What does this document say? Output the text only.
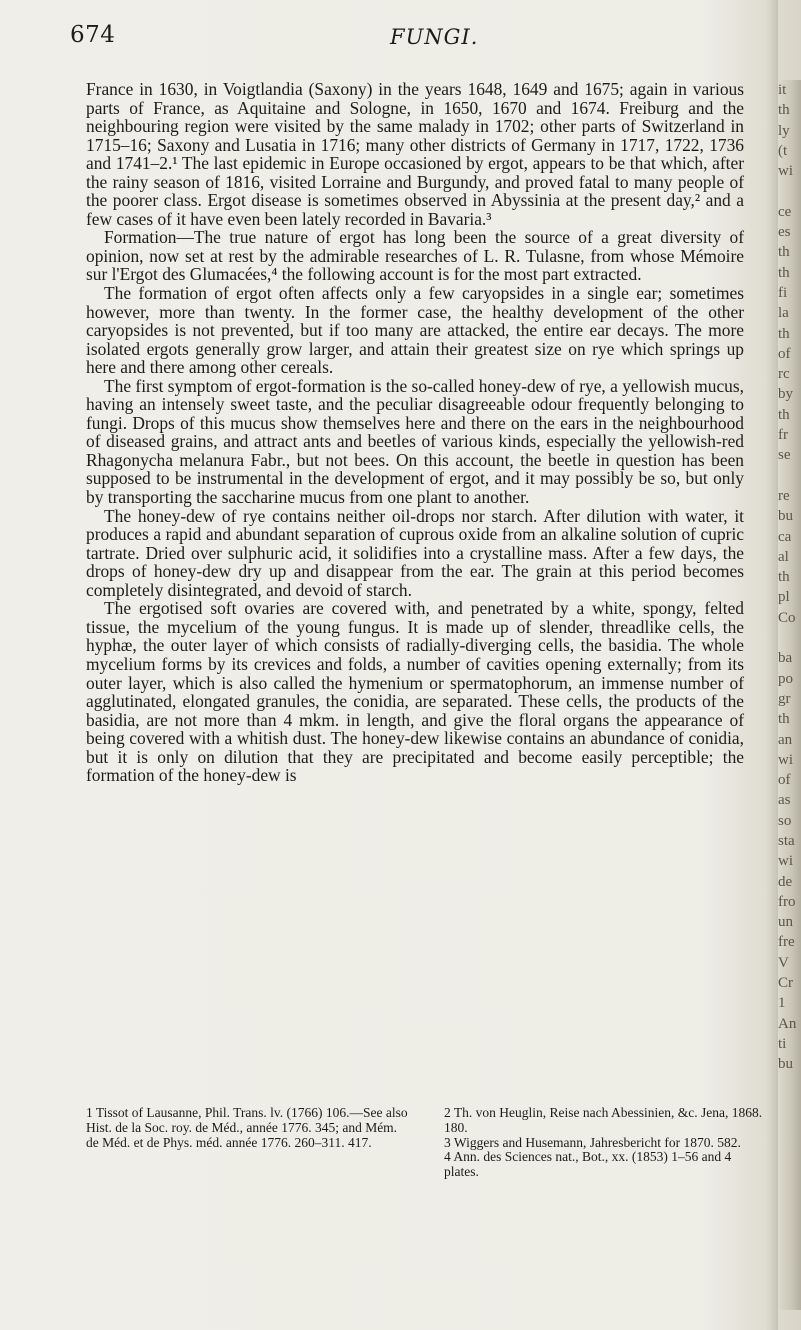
674	FUNGI.

France in 1630, in Voigtlandia (Saxony) in the years 1648, 1649 and 1675; again in various parts of France, as Aquitaine and Sologne, in 1650, 1670 and 1674. Freiburg and the neighbouring region were visited by the same malady in 1702; other parts of Switzerland in 1715–16; Saxony and Lusatia in 1716; many other districts of Germany in 1717, 1722, 1736 and 1741–2.¹ The last epidemic in Europe occasioned by ergot, appears to be that which, after the rainy season of 1816, visited Lorraine and Burgundy, and proved fatal to many people of the poorer class. Ergot disease is sometimes observed in Abyssinia at the present day,² and a few cases of it have even been lately recorded in Bavaria.³

Formation—The true nature of ergot has long been the source of a great diversity of opinion, now set at rest by the admirable researches of L. R. Tulasne, from whose Mémoire sur l'Ergot des Glumacées,⁴ the following account is for the most part extracted.

The formation of ergot often affects only a few caryopsides in a single ear; sometimes however, more than twenty. In the former case, the healthy development of the other caryopsides is not prevented, but if too many are attacked, the entire ear decays. The more isolated ergots generally grow larger, and attain their greatest size on rye which springs up here and there among other cereals.

The first symptom of ergot-formation is the so-called honey-dew of rye, a yellowish mucus, having an intensely sweet taste, and the peculiar disagreeable odour frequently belonging to fungi. Drops of this mucus show themselves here and there on the ears in the neighbourhood of diseased grains, and attract ants and beetles of various kinds, especially the yellowish-red Rhagonycha melanura Fabr., but not bees. On this account, the beetle in question has been supposed to be instrumental in the development of ergot, and it may possibly be so, but only by transporting the saccharine mucus from one plant to another.

The honey-dew of rye contains neither oil-drops nor starch. After dilution with water, it produces a rapid and abundant separation of cuprous oxide from an alkaline solution of cupric tartrate. Dried over sulphuric acid, it solidifies into a crystalline mass. After a few days, the drops of honey-dew dry up and disappear from the ear. The grain at this period becomes completely disintegrated, and devoid of starch.

The ergotised soft ovaries are covered with, and penetrated by a white, spongy, felted tissue, the mycelium of the young fungus. It is made up of slender, threadlike cells, the hyphæ, the outer layer of which consists of radially-diverging cells, the basidia. The whole mycelium forms by its crevices and folds, a number of cavities opening externally; from its outer layer, which is also called the hymenium or spermatophorum, an immense number of agglutinated, elongated granules, the conidia, are separated. These cells, the products of the basidia, are not more than 4 mkm. in length, and give the floral organs the appearance of being covered with a whitish dust. The honey-dew likewise contains an abundance of conidia, but it is only on dilution that they are precipitated and become easily perceptible; the formation of the honey-dew is

1 Tissot of Lausanne, Phil. Trans. lv. (1766) 106.—See also Hist. de la Soc. roy. de Méd., année 1776. 345; and Mém. de Méd. et de Phys. méd. année 1776. 260–311. 417.

2 Th. von Heuglin, Reise nach Abessinien, &c. Jena, 1868. 180.

3 Wiggers and Husemann, Jahresbericht for 1870. 582.

4 Ann. des Sciences nat., Bot., xx. (1853) 1–56 and 4 plates.

it
th
ly
(t
wi

ce
es
th
th
fi
la
th
of
rc
by
th
fr
se

re
bu
ca
al
th
pl
Co

ba
po
gr
th
an
wi
of
as
so
sta
wi
de
fro
un
fre
V
Cr
1
An
ti
bu
